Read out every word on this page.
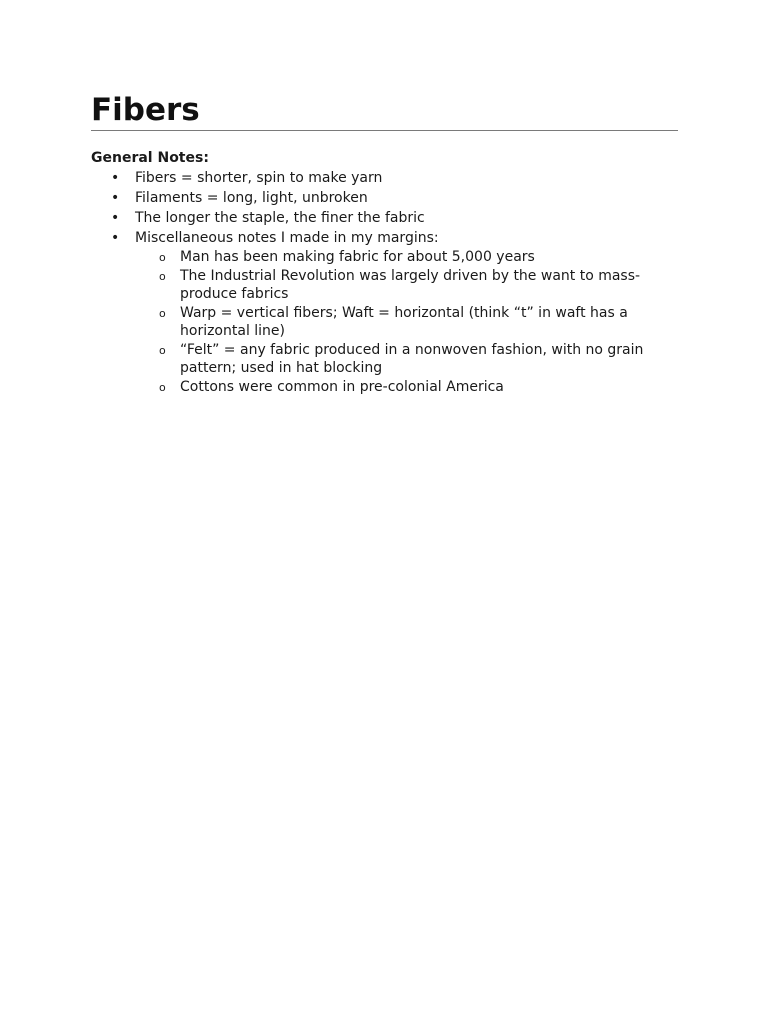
Fibers
General Notes:
• Fibers = shorter, spin to make yarn
• Filaments = long, light, unbroken
• The longer the staple, the finer the fabric
• Miscellaneous notes I made in my margins:
o Man has been making fabric for about 5,000 years
o The Industrial Revolution was largely driven by the want to mass-produce fabrics
o Warp = vertical fibers; Waft = horizontal (think “t” in waft has a horizontal line)
o “Felt” = any fabric produced in a nonwoven fashion, with no grain pattern; used in hat blocking
o Cottons were common in pre-colonial America
